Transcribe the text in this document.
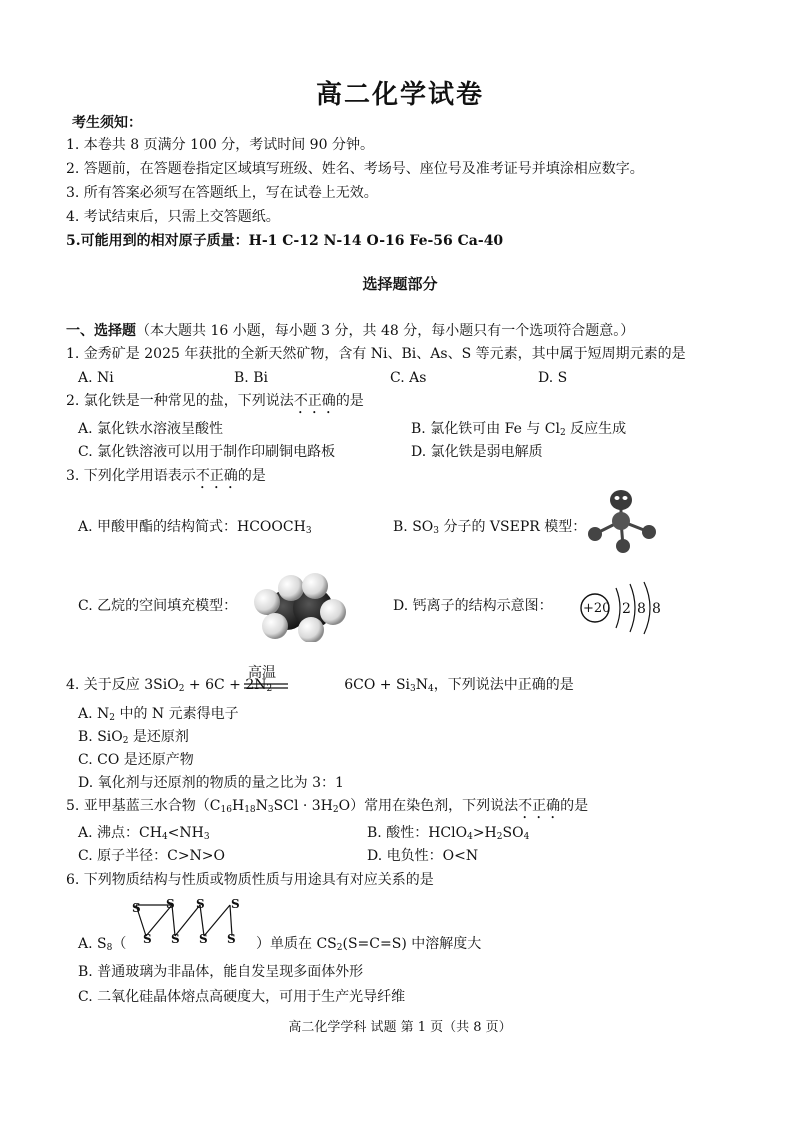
高二化学试卷
考生须知：
1. 本卷共 8 页满分 100 分，考试时间 90 分钟。
2. 答题前，在答题卷指定区域填写班级、姓名、考场号、座位号及准考证号并填涂相应数字。
3. 所有答案必须写在答题纸上，写在试卷上无效。
4. 考试结束后，只需上交答题纸。
5.可能用到的相对原子质量：H-1 C-12 N-14 O-16 Fe-56 Ca-40
选择题部分
一、选择题（本大题共 16 小题，每小题 3 分，共 48 分，每小题只有一个选项符合题意。）
1. 金秀矿是 2025 年获批的全新天然矿物，含有 Ni、Bi、As、S 等元素，其中属于短周期元素的是
A. Ni	B. Bi	C. As	D. S
2. 氯化铁是一种常见的盐，下列说法不正确的是
A. 氯化铁水溶液呈酸性	B. 氯化铁可由 Fe 与 $Cl_2$ 反应生成
C. 氯化铁溶液可以用于制作印刷铜电路板	D. 氯化铁是弱电解质
3. 下列化学用语表示不正确的是
A. 甲酸甲酯的结构简式：$HCOOCH_3$	B. $SO_3$ 分子的 VSEPR 模型：
C. 乙烷的空间填充模型：	D. 钙离子的结构示意图： +20 2 8 8
4. 关于反应 $3SiO_2 + 6C + 2N_2$	$6CO + Si_3N_4$，下列说法中正确的是
高温
A. $N_2$ 中的 N 元素得电子
B. SiO$_2$ 是还原剂
C. CO 是还原产物
D. 氧化剂与还原剂的物质的量之比为 3：1
5. 亚甲基蓝三水合物$(C_{16}H_{18}N_3SCl \cdot 3H_2O)$常用在染色剂，下列说法不正确的是
A. 沸点：$CH_4<NH_3$	B. 酸性：$HClO_4>H_2SO_4$
C. 原子半径：C>N>O	D. 电负性：O<N
6. 下列物质结构与性质或物质性质与用途具有对应关系的是
S S S S
S S S S
A. $S_8$（	）单质在 $CS_2(S=C=S)$ 中溶解度大
B. 普通玻璃为非晶体，能自发呈现多面体外形
C. 二氧化硅晶体熔点高硬度大，可用于生产光导纤维
高二化学学科 试题 第 1 页（共 8 页）
